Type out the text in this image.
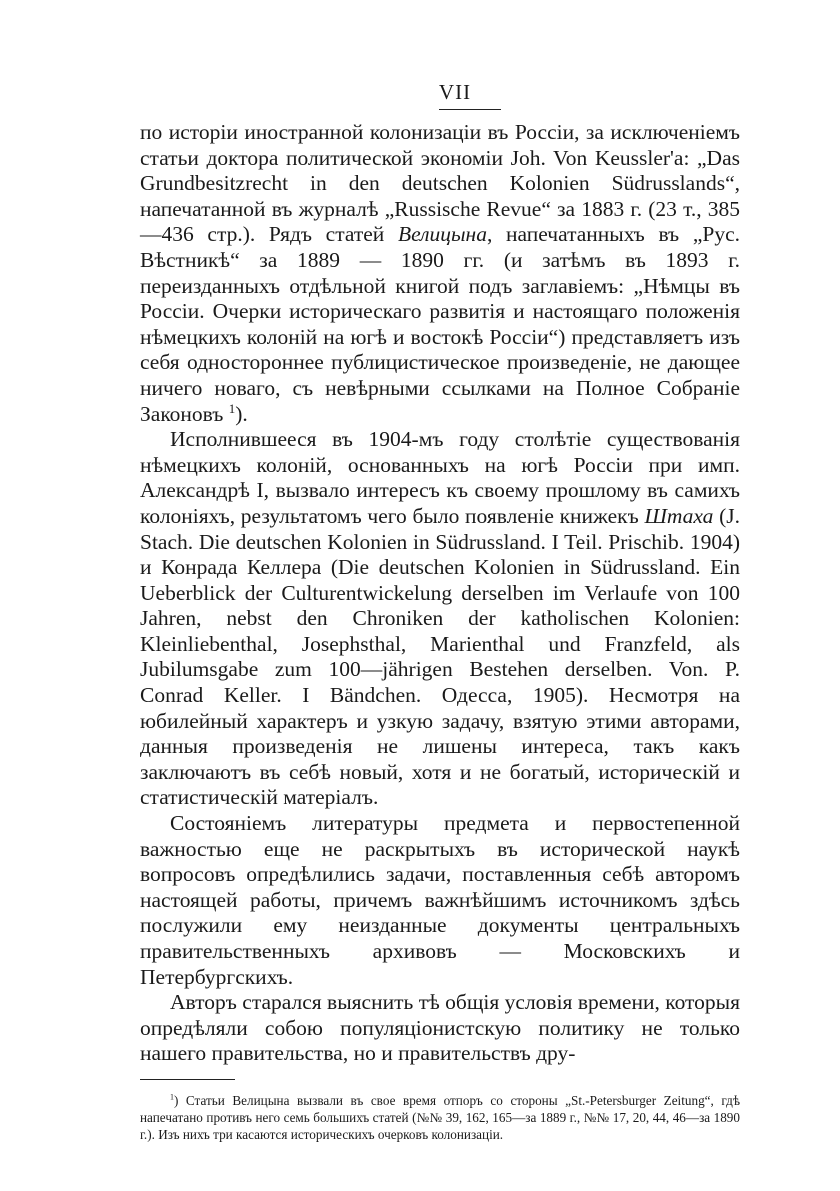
VII

по исторіи иностранной колонизаціи въ Россіи, за исключеніемъ статьи доктора политической экономіи Joh. Von Keussler'a: „Das Grundbesitzrecht in den deutschen Kolonien Südrusslands“, напечатанной въ журналѣ „Russische Revue“ за 1883 г. (23 т., 385—436 стр.). Рядъ статей Велицына, напечатанныхъ въ „Рус. Вѣстникѣ“ за 1889 — 1890 гг. (и затѣмъ въ 1893 г. переизданныхъ отдѣльной книгой подъ заглавіемъ: „Нѣмцы въ Россіи. Очерки историческаго развитія и настоящаго положенія нѣмецкихъ колоній на югѣ и востокѣ Россіи“) представляетъ изъ себя одностороннее публицистическое произведеніе, не дающее ничего новаго, съ невѣрными ссылками на Полное Собраніе Законовъ $^1$).

Исполнившееся въ 1904-мъ году столѣтіе существованія нѣмецкихъ колоній, основанныхъ на югѣ Россіи при имп. Александрѣ I, вызвало интересъ къ своему прошлому въ самихъ колоніяхъ, результатомъ чего было появленіе книжекъ Штаха (J. Stach. Die deutschen Kolonien in Südrussland. I Teil. Prischib. 1904) и Конрада Келлера (Die deutschen Kolonien in Südrussland. Ein Ueberblick der Culturentwickelung derselben im Verlaufe von 100 Jahren, nebst den Chroniken der katholischen Kolonien: Kleinliebenthal, Josephsthal, Marienthal und Franzfeld, als Jubilumsgabe zum 100—jährigen Bestehen derselben. Von. P. Conrad Keller. I Bändchen. Одесса, 1905). Несмотря на юбилейный характеръ и узкую задачу, взятую этими авторами, данныя произведенія не лишены интереса, такъ какъ заключаютъ въ себѣ новый, хотя и не богатый, историческій и статистическій матеріалъ.

Состояніемъ литературы предмета и первостепенной важностью еще не раскрытыхъ въ исторической наукѣ вопросовъ опредѣлились задачи, поставленныя себѣ авторомъ настоящей работы, причемъ важнѣйшимъ источникомъ здѣсь послужили ему неизданные документы центральныхъ правительственныхъ архивовъ — Московскихъ и Петербургскихъ.

Авторъ старался выяснить тѣ общія условія времени, которыя опредѣляли собою популяціонистскую политику не только нашего правительства, но и правительствъ дру-

$^1$) Статьи Велицына вызвали въ свое время отпоръ со стороны „St.-Petersburger Zeitung“, гдѣ напечатано противъ него семь большихъ статей (№№ 39, 162, 165—за 1889 г., №№ 17, 20, 44, 46—за 1890 г.). Изъ нихъ три касаются историческихъ очерковъ колонизаціи.
